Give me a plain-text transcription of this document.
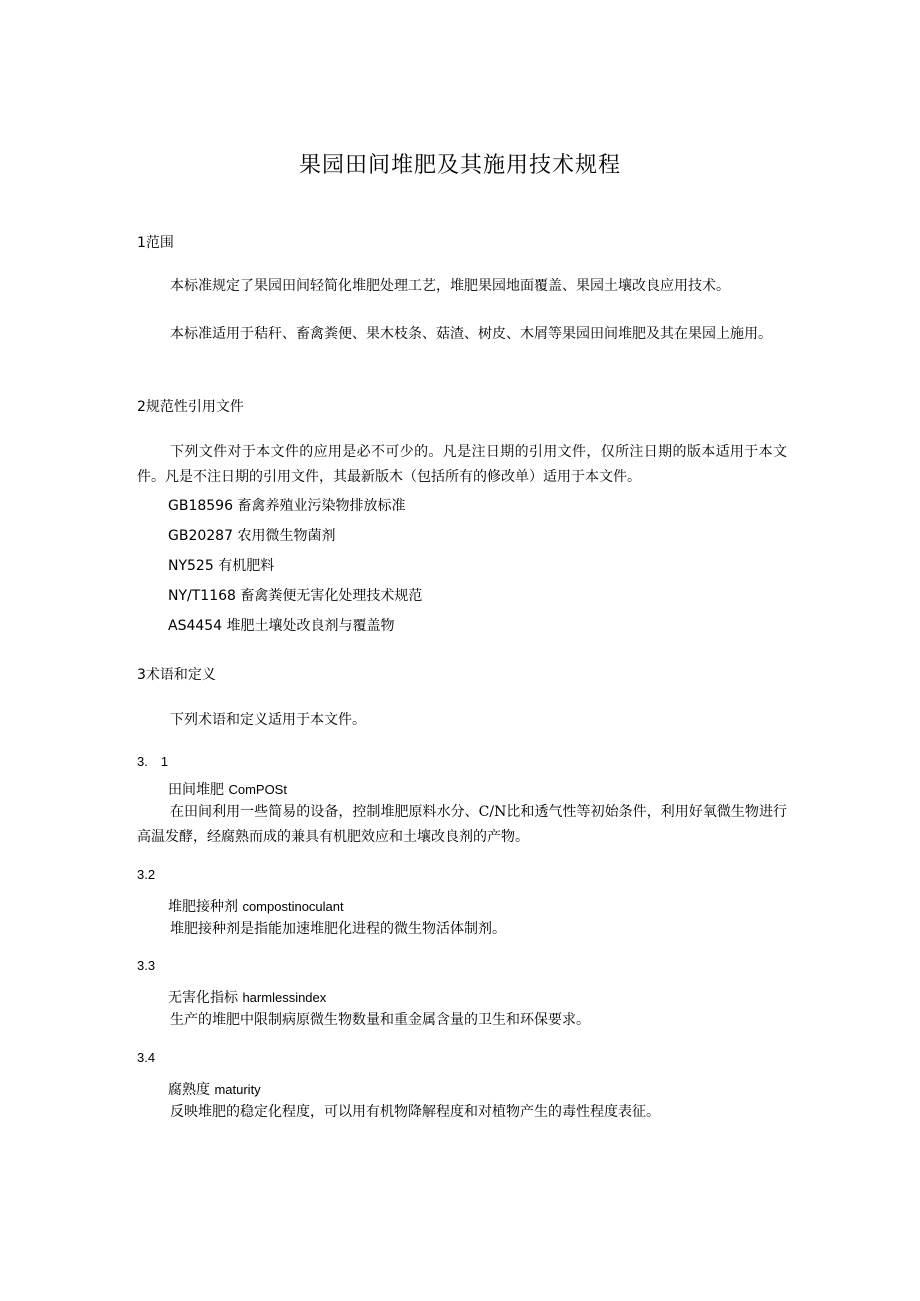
果园田间堆肥及其施用技术规程
1范围
本标准规定了果园田间轻简化堆肥处理工艺，堆肥果园地面覆盖、果园土壤改良应用技术。
本标准适用于秸秆、畜禽粪便、果木枝条、菇渣、树皮、木屑等果园田间堆肥及其在果园上施用。
2规范性引用文件
下列文件对于本文件的应用是必不可少的。凡是注日期的引用文件，仅所注日期的版本适用于本文件。凡是不注日期的引用文件，其最新版木（包括所有的修改单）适用于本文件。
GB18596 畜禽养殖业污染物排放标准
GB20287 农用微生物菌剂
NY525 有机肥料
NY/T1168 畜禽粪便无害化处理技术规范
AS4454 堆肥土壤处改良剂与覆盖物
3术语和定义
下列术语和定义适用于本文件。
3.　1
田间堆肥 ComPOSt
在田间利用一些简易的设备，控制堆肥原料水分、C/N比和透气性等初始条件，利用好氧微生物进行高温发酵，经腐熟而成的兼具有机肥效应和土壤改良剂的产物。
3.2
堆肥接种剂 compostinoculant
堆肥接种剂是指能加速堆肥化进程的微生物活体制剂。
3.3
无害化指标 harmlessindex
生产的堆肥中限制病原微生物数量和重金属含量的卫生和环保要求。
3.4
腐熟度 maturity
反映堆肥的稳定化程度，可以用有机物降解程度和对植物产生的毒性程度表征。
